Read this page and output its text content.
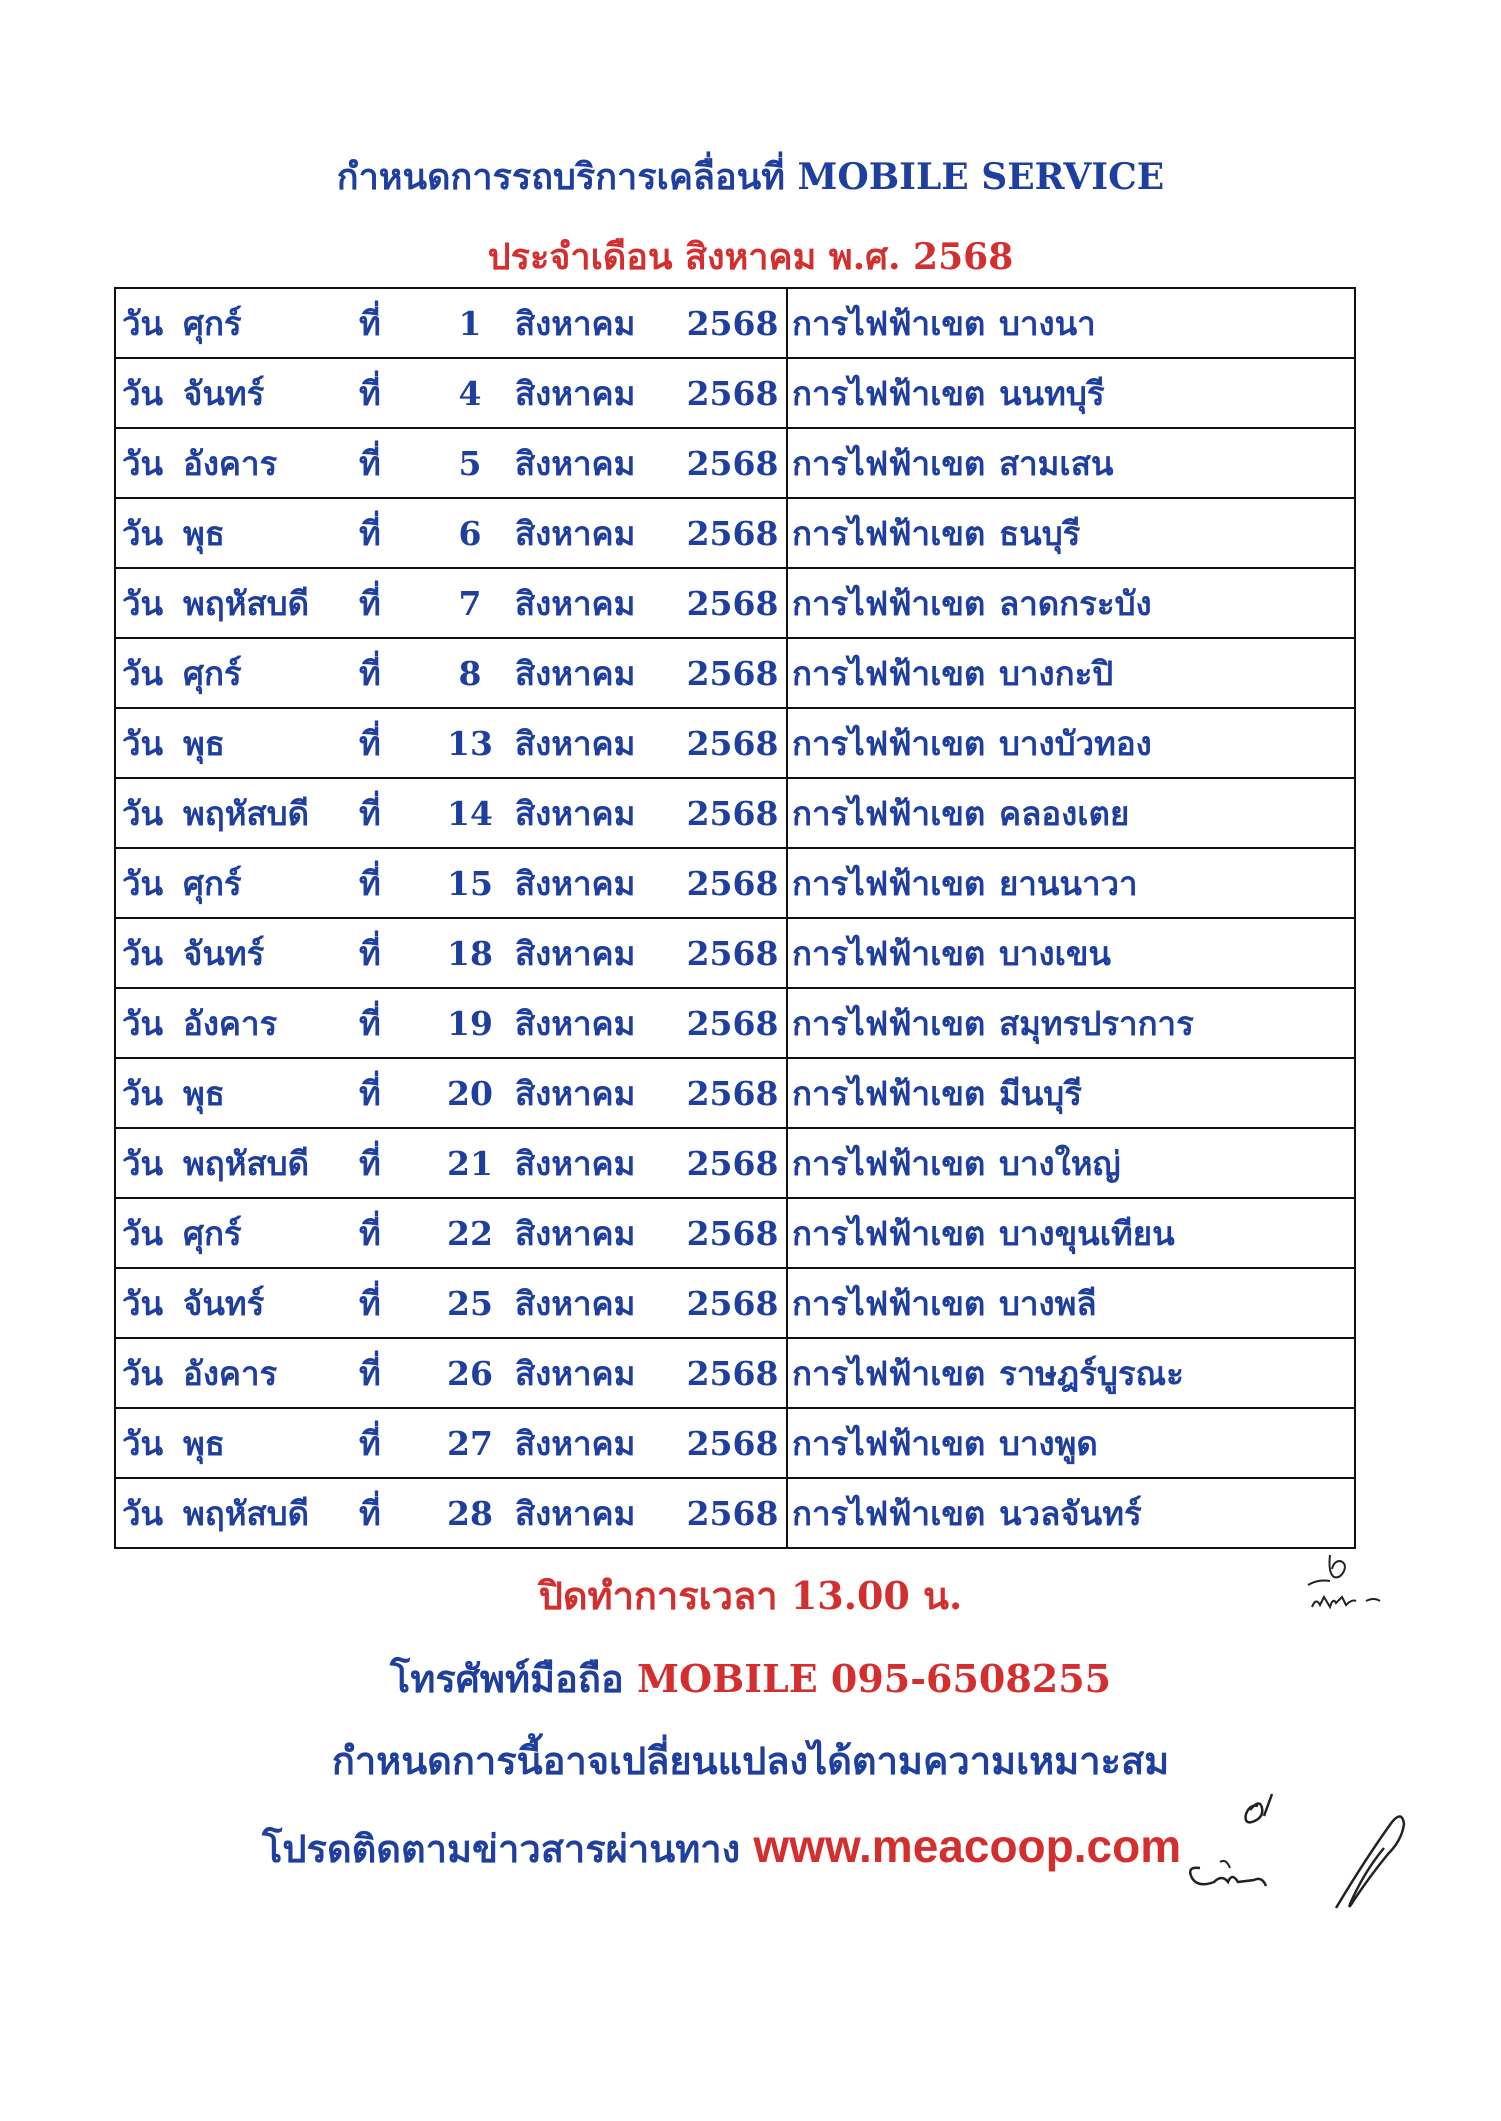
กำหนดการรถบริการเคลื่อนที่ MOBILE SERVICE
ประจำเดือน สิงหาคม พ.ศ. 2568
วัน	ศุกร์	ที่	1	สิงหาคม	2568	การไฟฟ้าเขต	บางนา
วัน	จันทร์	ที่	4	สิงหาคม	2568	การไฟฟ้าเขต	นนทบุรี
วัน	อังคาร	ที่	5	สิงหาคม	2568	การไฟฟ้าเขต	สามเสน
วัน	พุธ	ที่	6	สิงหาคม	2568	การไฟฟ้าเขต	ธนบุรี
วัน	พฤหัสบดี	ที่	7	สิงหาคม	2568	การไฟฟ้าเขต	ลาดกระบัง
วัน	ศุกร์	ที่	8	สิงหาคม	2568	การไฟฟ้าเขต	บางกะปิ
วัน	พุธ	ที่	13	สิงหาคม	2568	การไฟฟ้าเขต	บางบัวทอง
วัน	พฤหัสบดี	ที่	14	สิงหาคม	2568	การไฟฟ้าเขต	คลองเตย
วัน	ศุกร์	ที่	15	สิงหาคม	2568	การไฟฟ้าเขต	ยานนาวา
วัน	จันทร์	ที่	18	สิงหาคม	2568	การไฟฟ้าเขต	บางเขน
วัน	อังคาร	ที่	19	สิงหาคม	2568	การไฟฟ้าเขต	สมุทรปราการ
วัน	พุธ	ที่	20	สิงหาคม	2568	การไฟฟ้าเขต	มีนบุรี
วัน	พฤหัสบดี	ที่	21	สิงหาคม	2568	การไฟฟ้าเขต	บางใหญ่
วัน	ศุกร์	ที่	22	สิงหาคม	2568	การไฟฟ้าเขต	บางขุนเทียน
วัน	จันทร์	ที่	25	สิงหาคม	2568	การไฟฟ้าเขต	บางพลี
วัน	อังคาร	ที่	26	สิงหาคม	2568	การไฟฟ้าเขต	ราษฎร์บูรณะ
วัน	พุธ	ที่	27	สิงหาคม	2568	การไฟฟ้าเขต	บางพูด
วัน	พฤหัสบดี	ที่	28	สิงหาคม	2568	การไฟฟ้าเขต	นวลจันทร์
ปิดทำการเวลา 13.00 น.
โทรศัพท์มือถือ MOBILE 095-6508255
กำหนดการนี้อาจเปลี่ยนแปลงได้ตามความเหมาะสม
โปรดติดตามข่าวสารผ่านทาง www.meacoop.com
